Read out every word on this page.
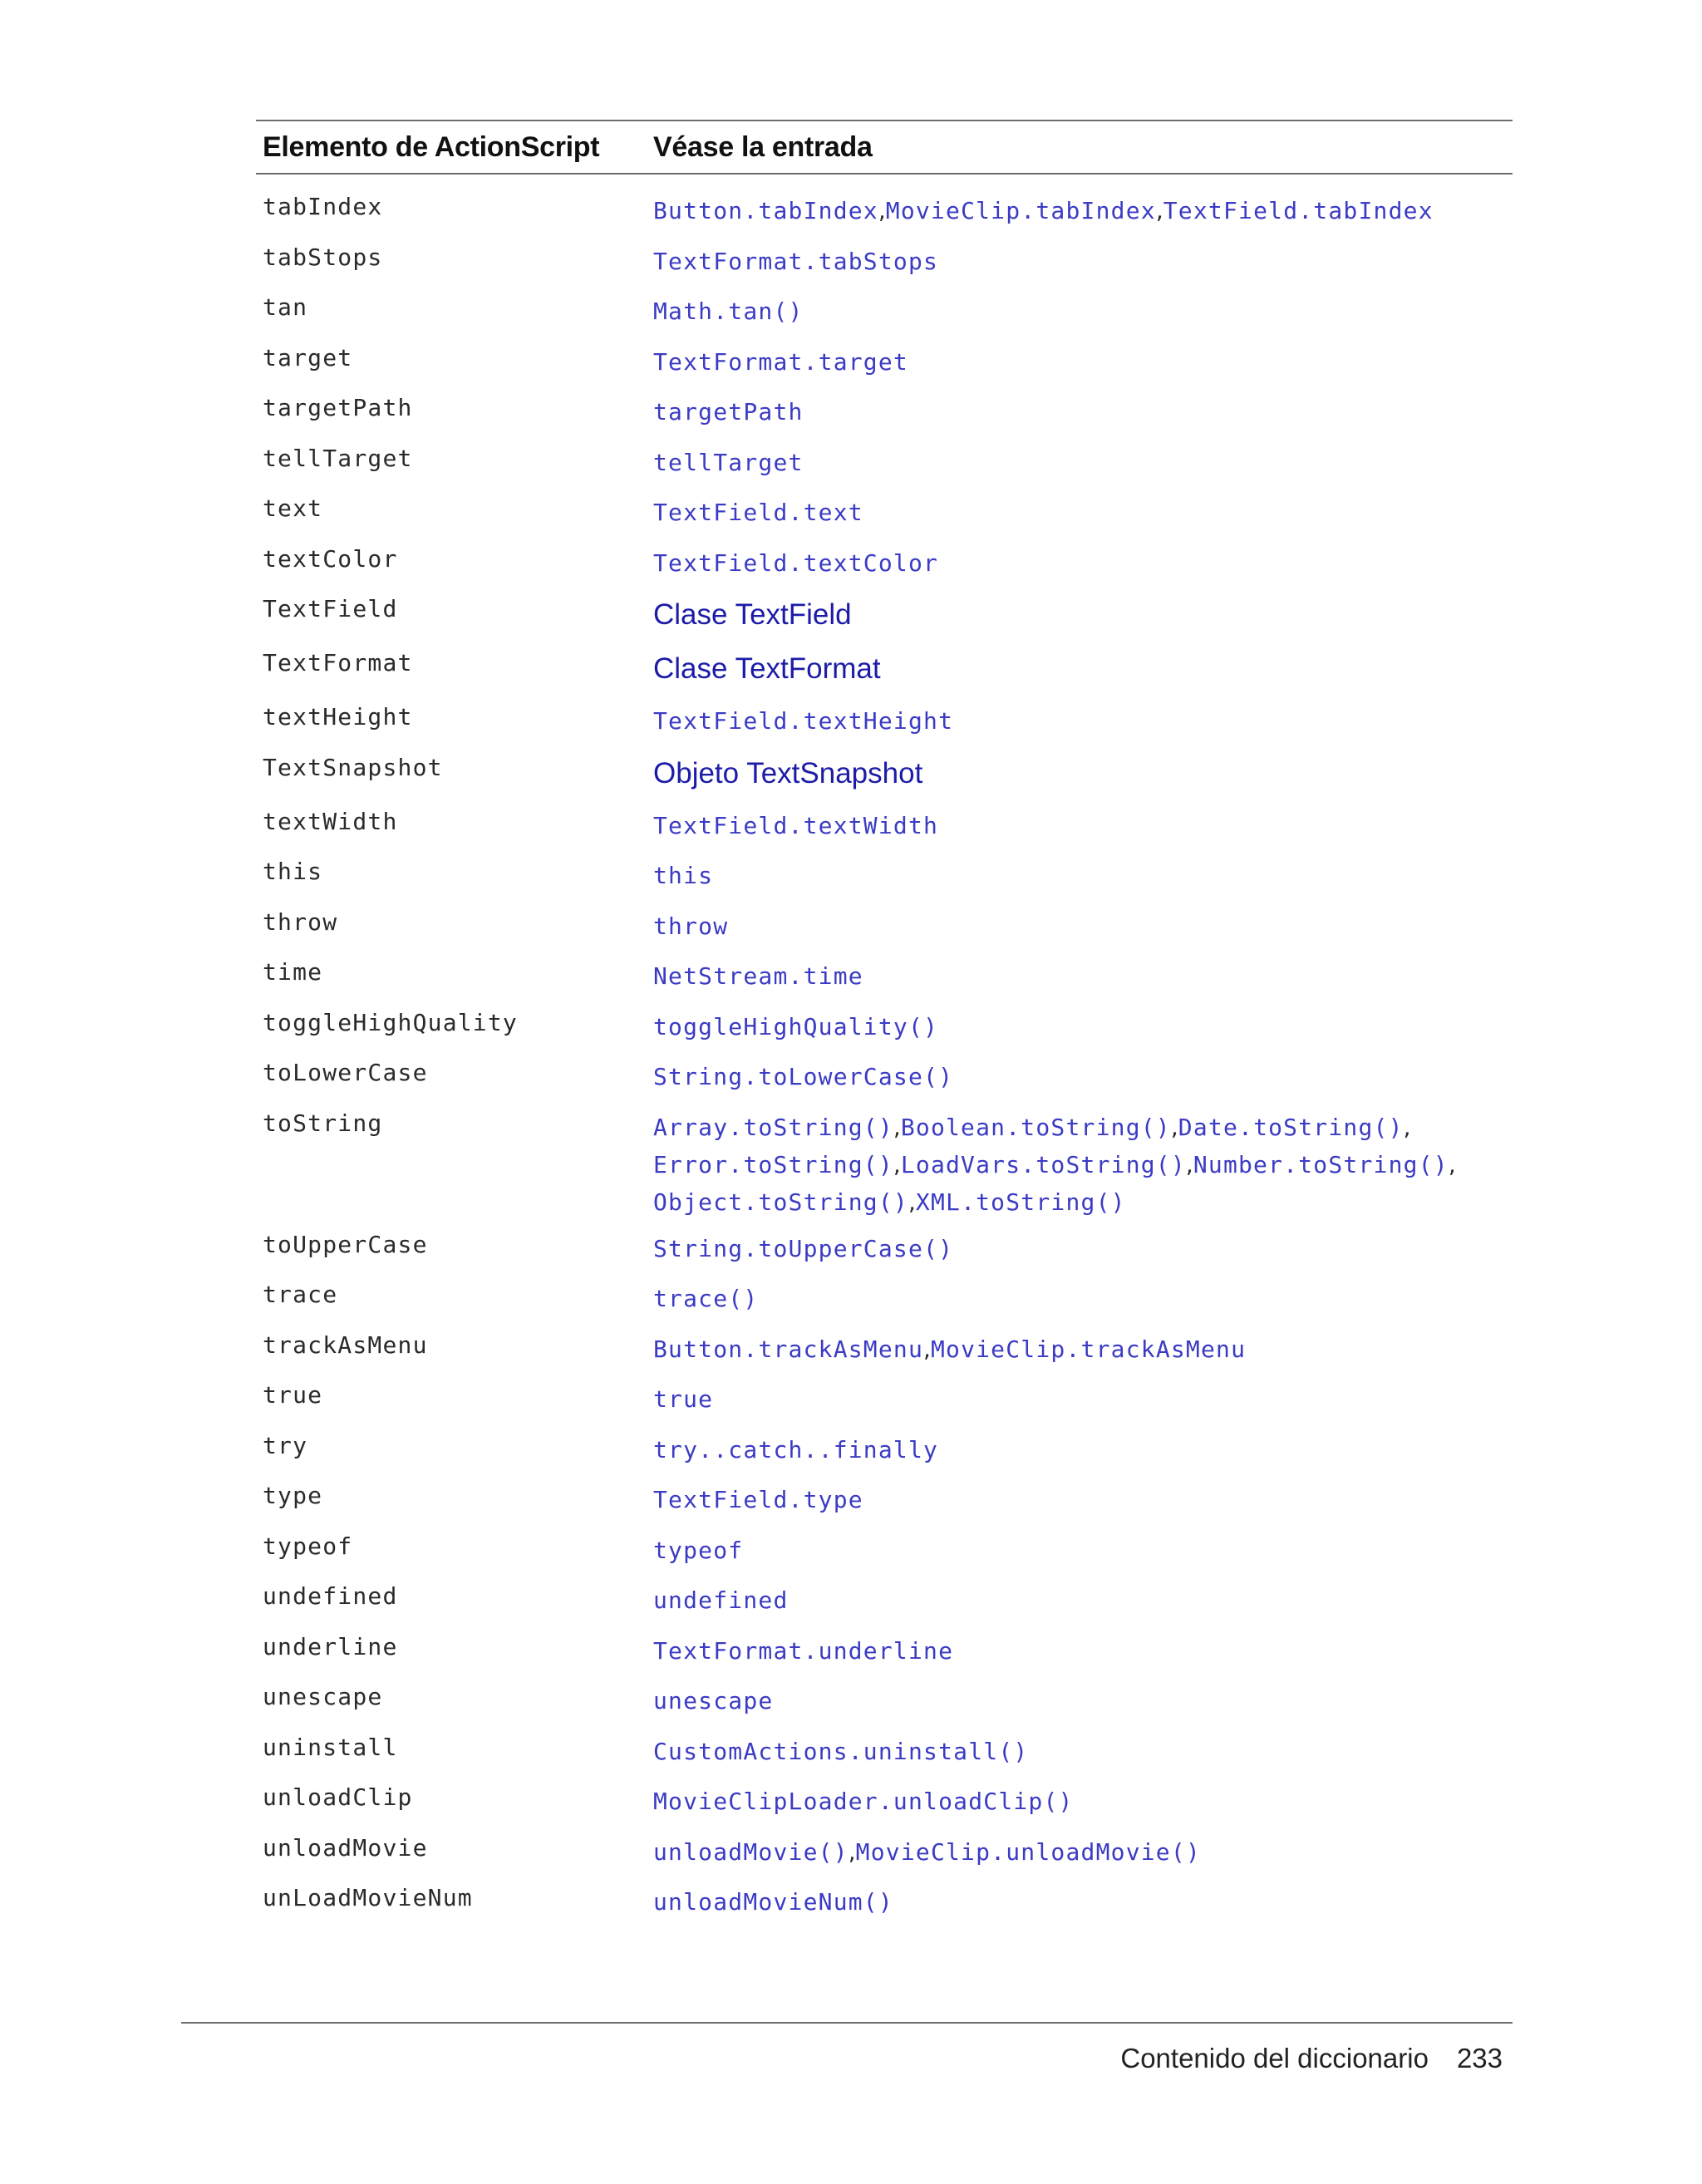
Elemento de ActionScript	Véase la entrada
tabIndex	Button.tabIndex,MovieClip.tabIndex,TextField.tabIndex
tabStops	TextFormat.tabStops
tan	Math.tan()
target	TextFormat.target
targetPath	targetPath
tellTarget	tellTarget
text	TextField.text
textColor	TextField.textColor
TextField	Clase TextField
TextFormat	Clase TextFormat
textHeight	TextField.textHeight
TextSnapshot	Objeto TextSnapshot
textWidth	TextField.textWidth
this	this
throw	throw
time	NetStream.time
toggleHighQuality	toggleHighQuality()
toLowerCase	String.toLowerCase()
toString	Array.toString(),Boolean.toString(),Date.toString(),
Error.toString(),LoadVars.toString(),Number.toString(),
Object.toString(),XML.toString()
toUpperCase	String.toUpperCase()
trace	trace()
trackAsMenu	Button.trackAsMenu,MovieClip.trackAsMenu
true	true
try	try..catch..finally
type	TextField.type
typeof	typeof
undefined	undefined
underline	TextFormat.underline
unescape	unescape
uninstall	CustomActions.uninstall()
unloadClip	MovieClipLoader.unloadClip()
unloadMovie	unloadMovie(),MovieClip.unloadMovie()
unLoadMovieNum	unloadMovieNum()
Contenido del diccionario 233
